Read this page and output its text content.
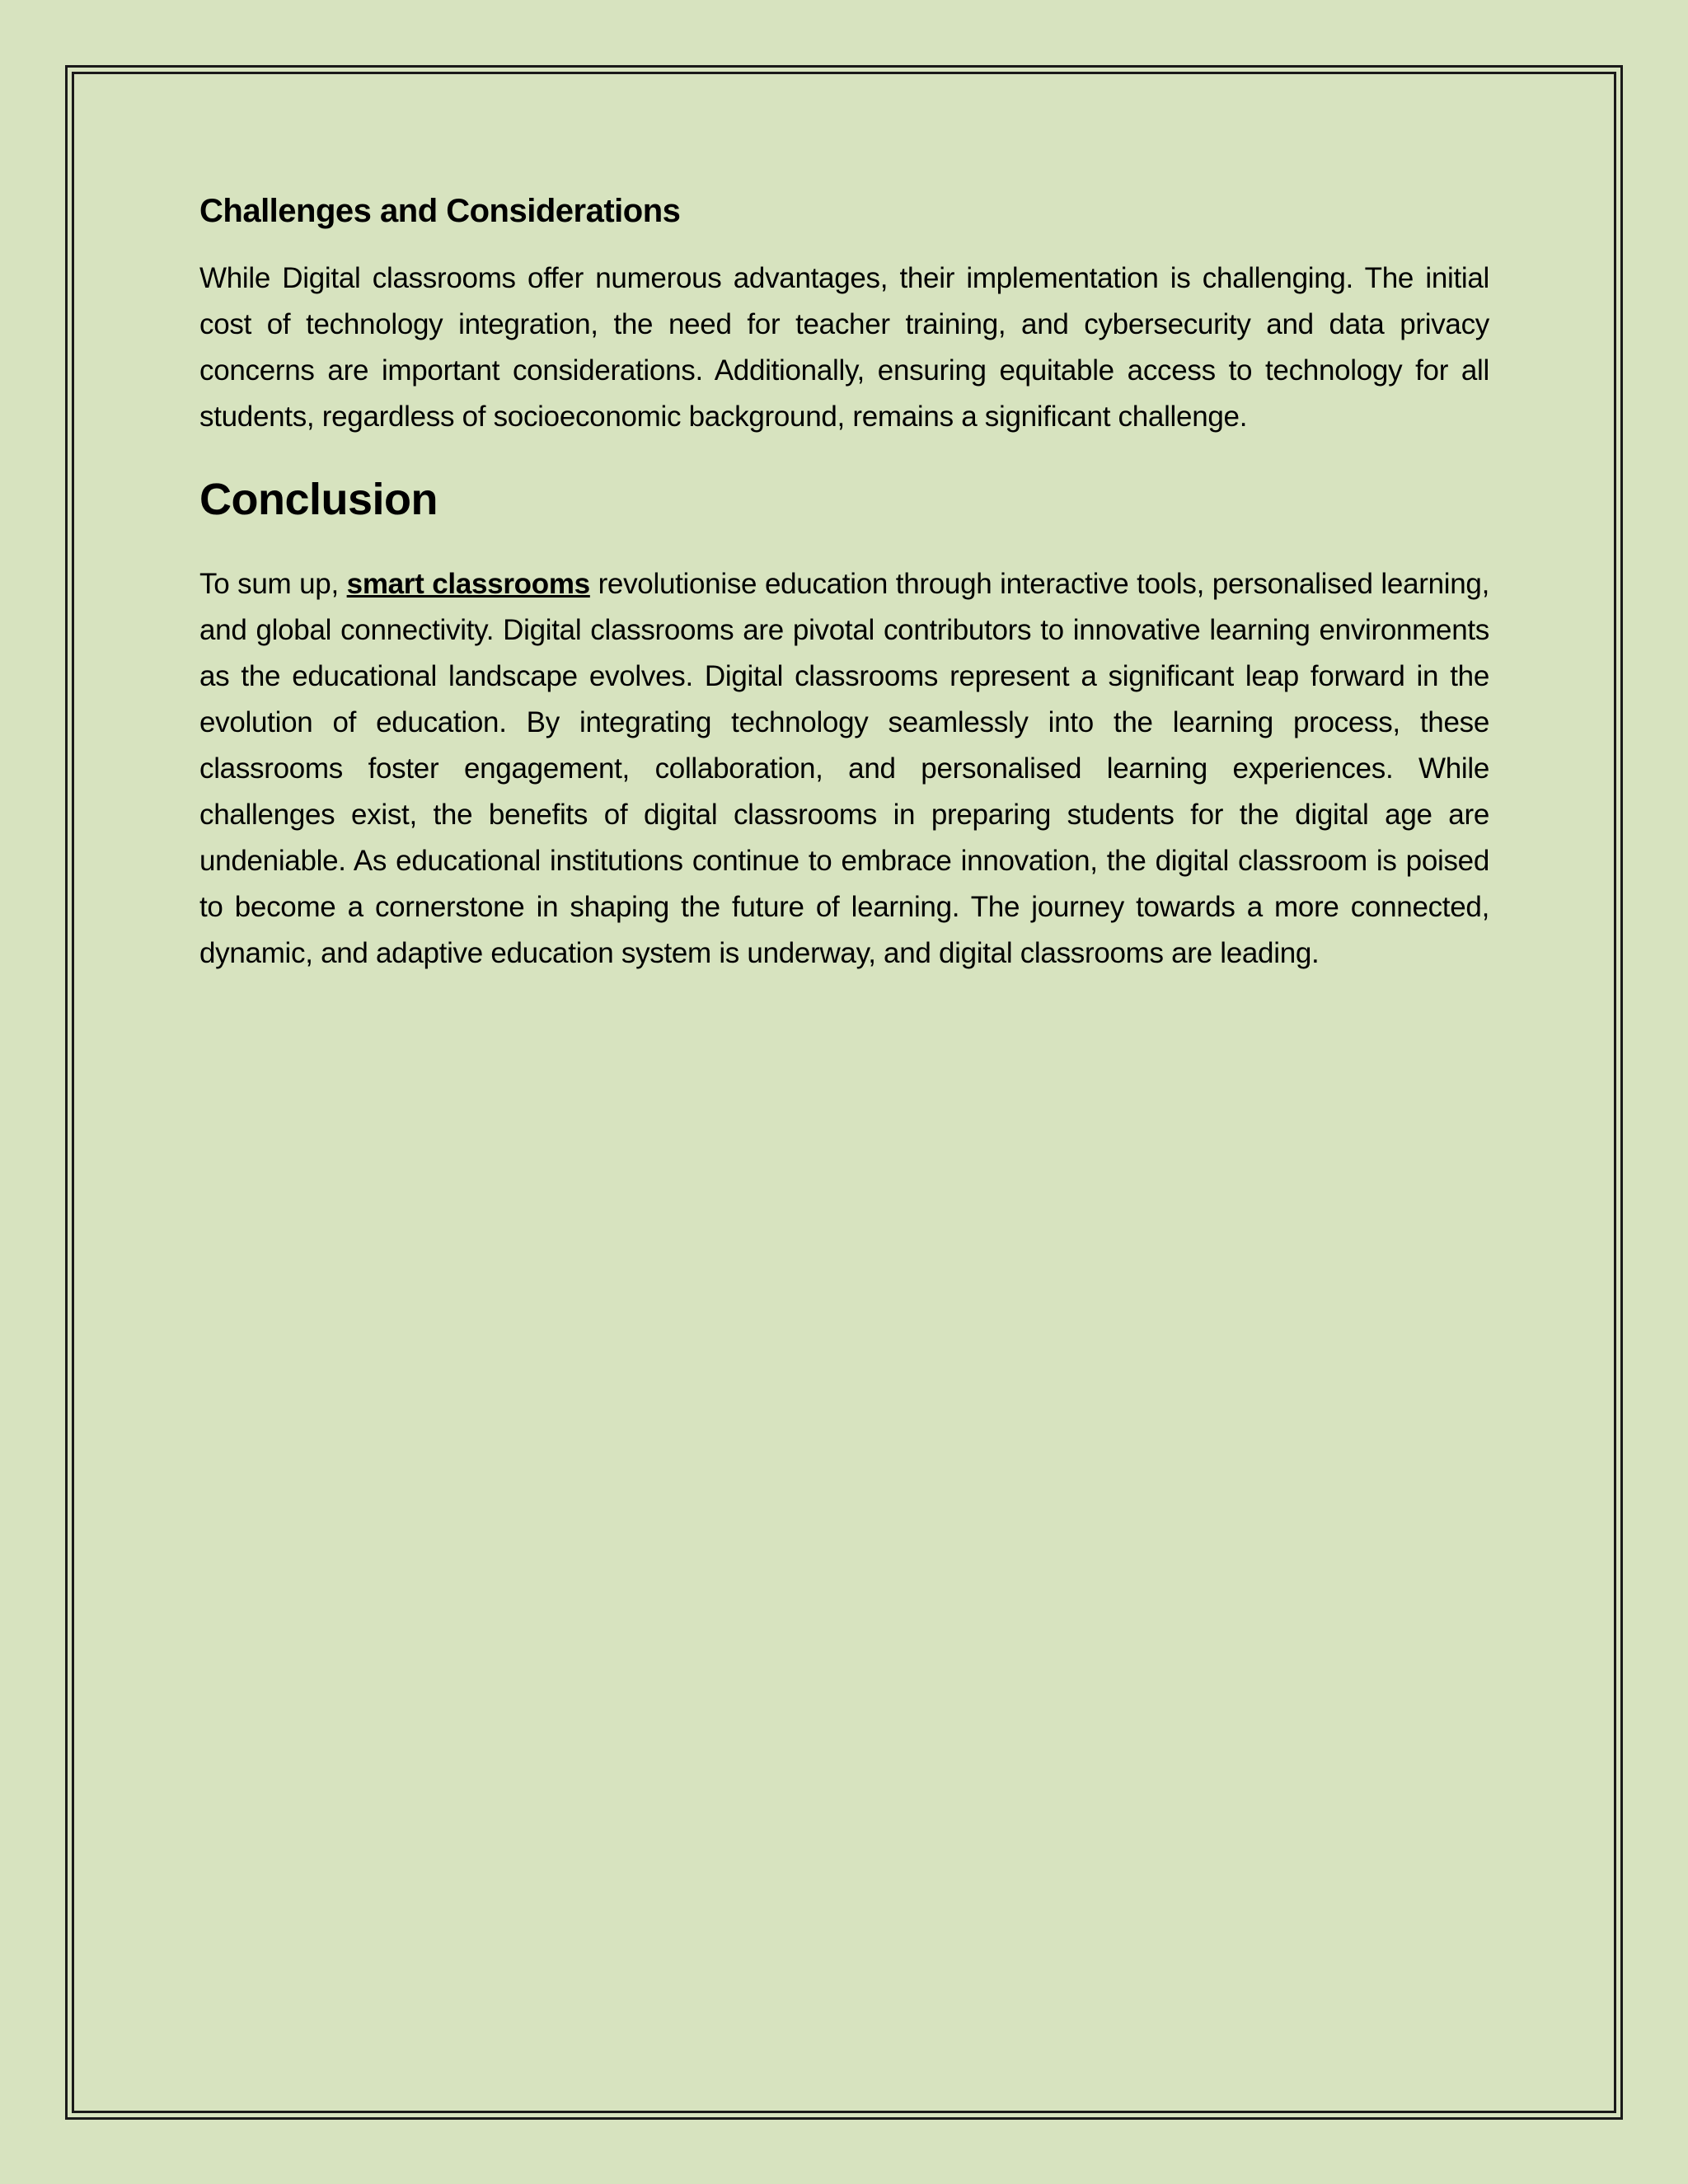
Challenges and Considerations

While Digital classrooms offer numerous advantages, their implementation is challenging. The initial cost of technology integration, the need for teacher training, and cybersecurity and data privacy concerns are important considerations. Additionally, ensuring equitable access to technology for all students, regardless of socioeconomic background, remains a significant challenge.

Conclusion

To sum up, smart classrooms revolutionise education through interactive tools, personalised learning, and global connectivity. Digital classrooms are pivotal contributors to innovative learning environments as the educational landscape evolves. Digital classrooms represent a significant leap forward in the evolution of education. By integrating technology seamlessly into the learning process, these classrooms foster engagement, collaboration, and personalised learning experiences. While challenges exist, the benefits of digital classrooms in preparing students for the digital age are undeniable. As educational institutions continue to embrace innovation, the digital classroom is poised to become a cornerstone in shaping the future of learning. The journey towards a more connected, dynamic, and adaptive education system is underway, and digital classrooms are leading.
